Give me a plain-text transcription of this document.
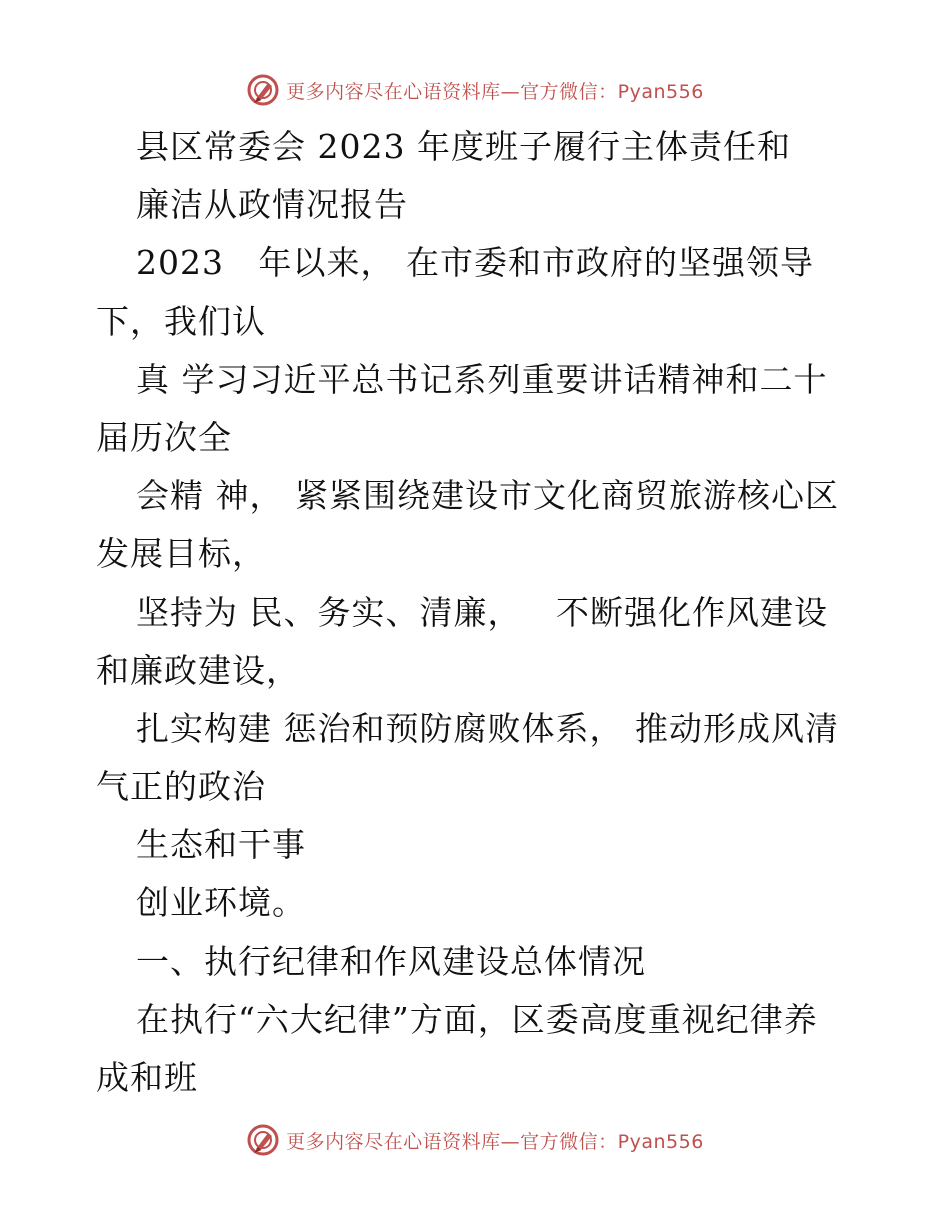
更多内容尽在心语资料库—官方微信：Pyan556
县区常委会 2023 年度班子履行主体责任和
廉洁从政情况报告
2023   年以来， 在市委和市政府的坚强领导
下，我们认
真 学习习近平总书记系列重要讲话精神和二十
届历次全
会精 神， 紧紧围绕建设市文化商贸旅游核心区
发展目标，
坚持为 民、务实、清廉，   不断强化作风建设
和廉政建设，
扎实构建 惩治和预防腐败体系， 推动形成风清
气正的政治
生态和干事
创业环境。
一、执行纪律和作风建设总体情况
在执行“六大纪律”方面，区委高度重视纪律养
成和班
更多内容尽在心语资料库—官方微信：Pyan556
